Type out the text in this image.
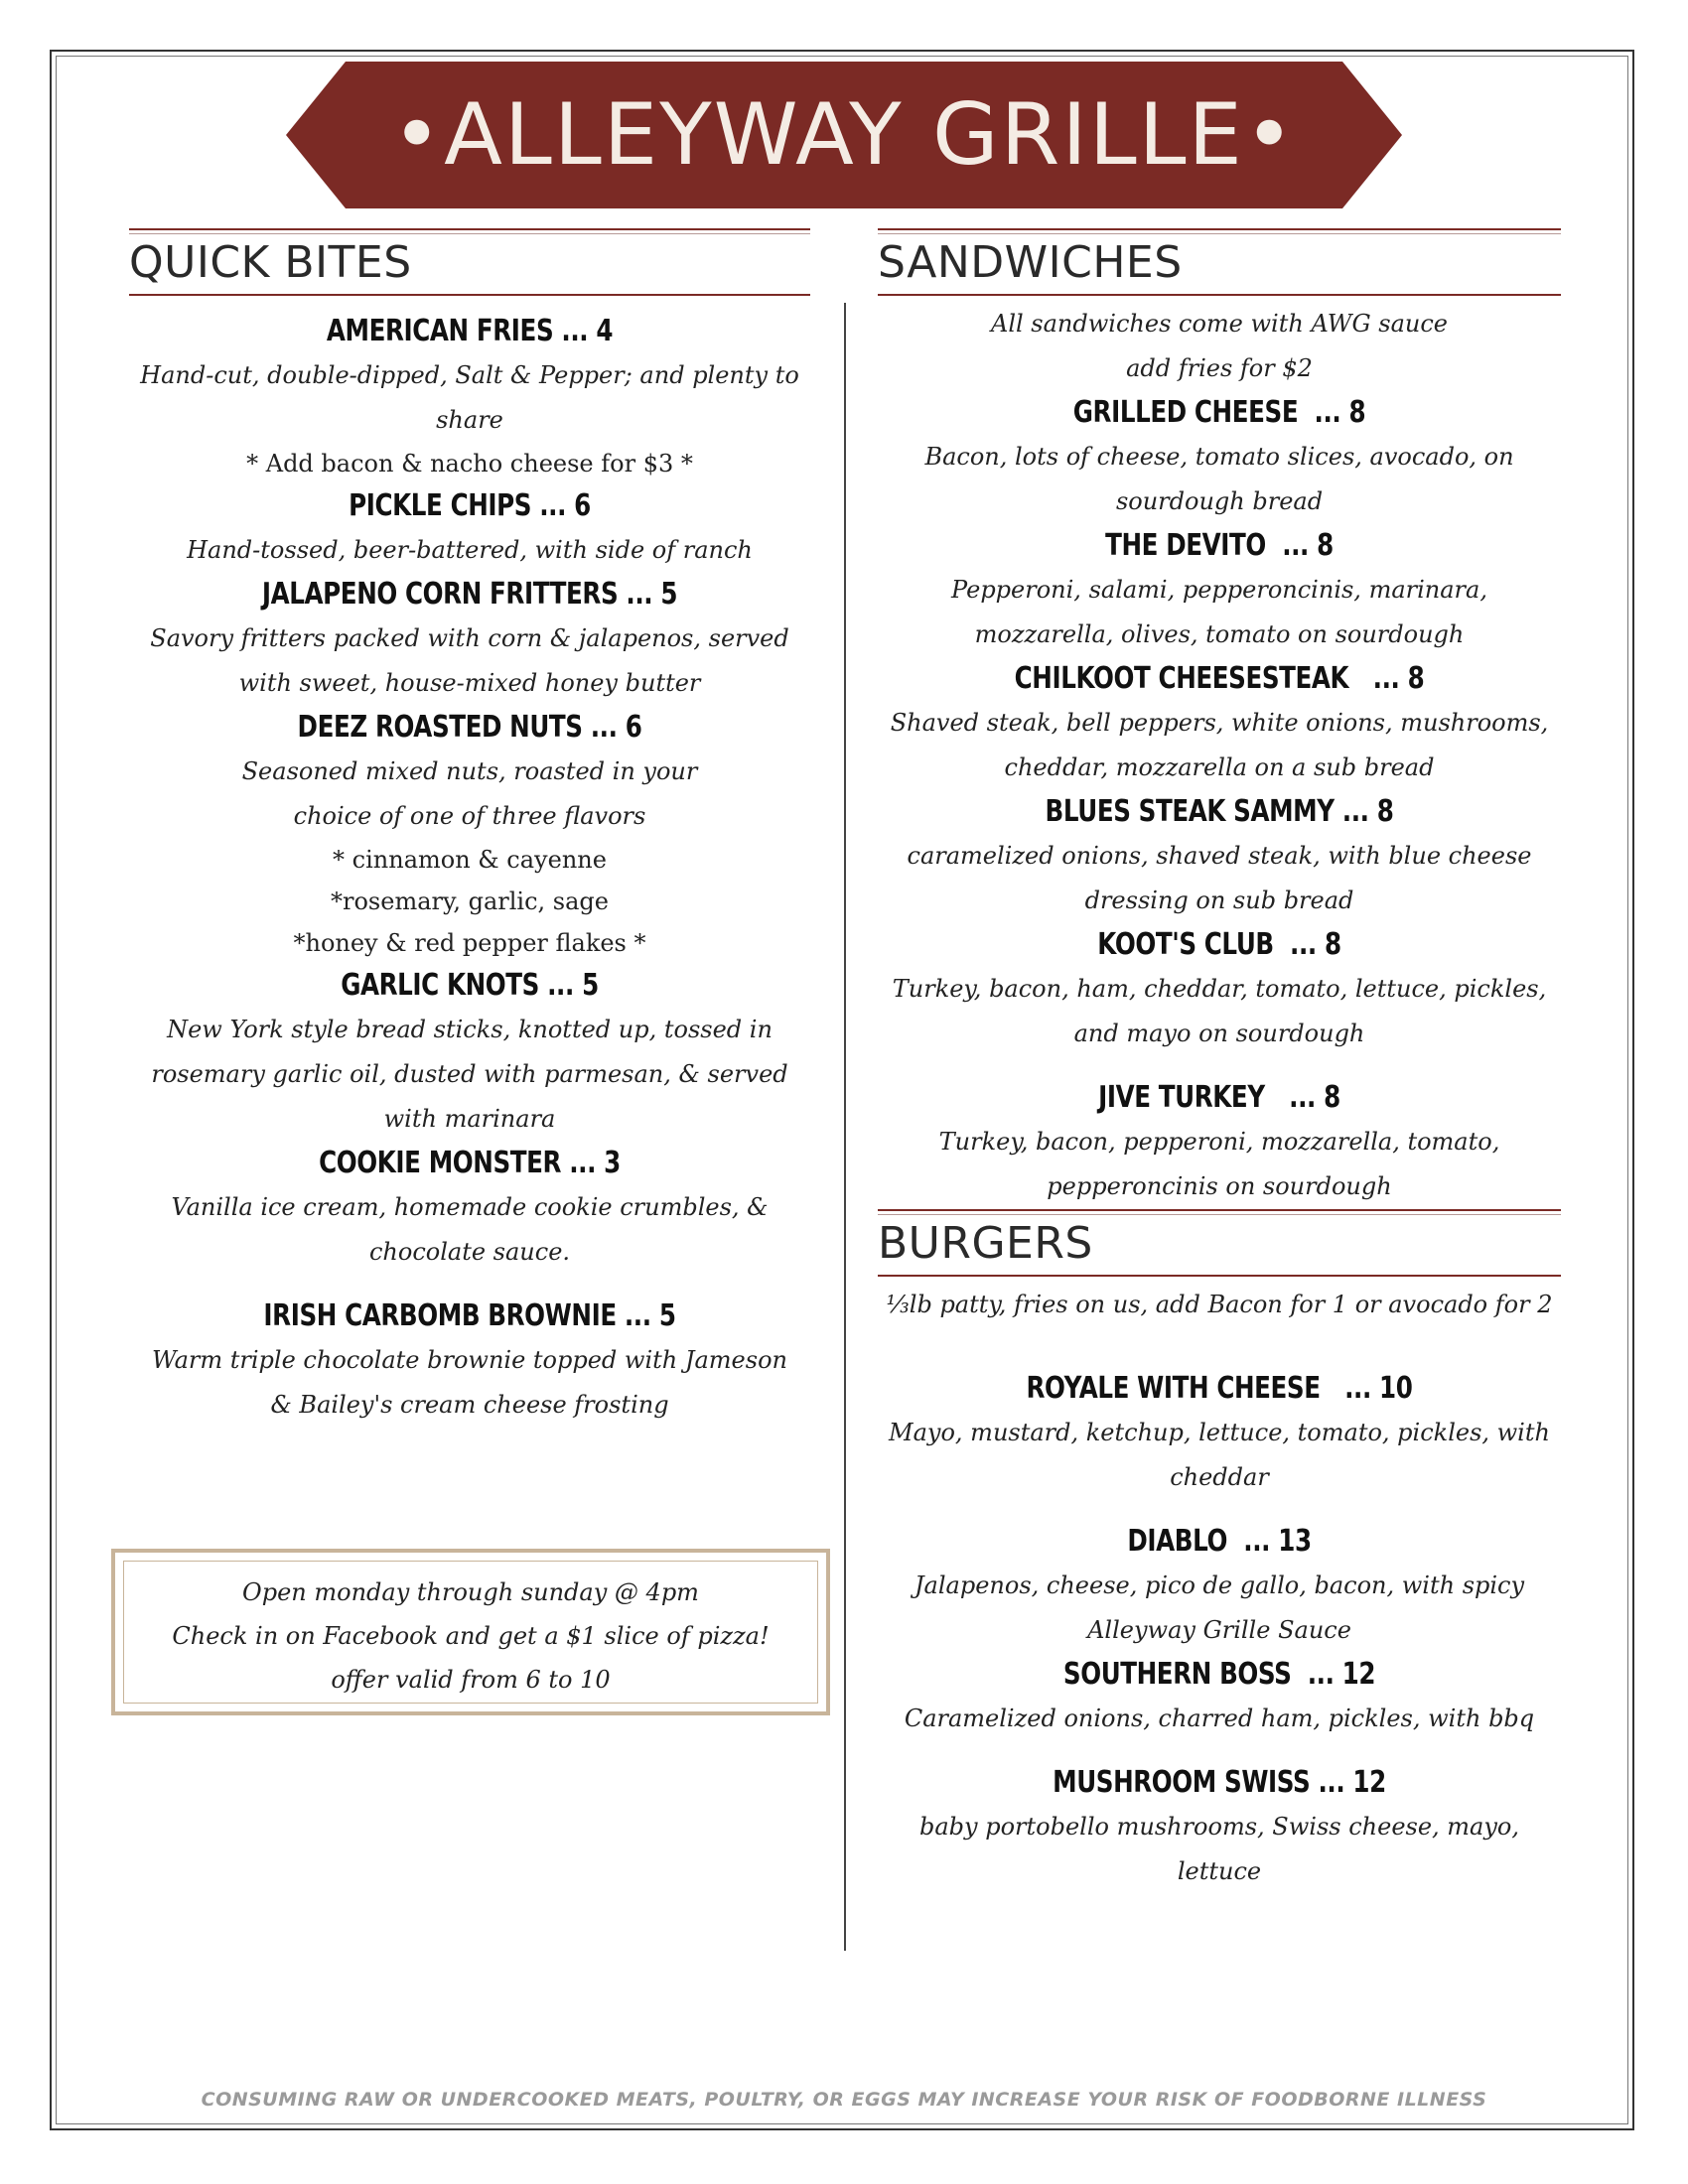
•ALLEYWAY GRILLE•
QUICK BITES
AMERICAN FRIES ... 4
Hand-cut, double-dipped, Salt & Pepper; and plenty to
share
* Add bacon & nacho cheese for $3 *
PICKLE CHIPS ... 6
Hand-tossed, beer-battered, with side of ranch
JALAPENO CORN FRITTERS ... 5
Savory fritters packed with corn & jalapenos, served
with sweet, house-mixed honey butter
DEEZ ROASTED NUTS ... 6
Seasoned mixed nuts, roasted in your
choice of one of three flavors
* cinnamon & cayenne
*rosemary, garlic, sage
*honey & red pepper flakes *
GARLIC KNOTS ... 5
New York style bread sticks, knotted up, tossed in
rosemary garlic oil, dusted with parmesan, & served
with marinara
COOKIE MONSTER ... 3
Vanilla ice cream, homemade cookie crumbles, &
chocolate sauce.
IRISH CARBOMB BROWNIE ... 5
Warm triple chocolate brownie topped with Jameson
& Bailey's cream cheese frosting
Open monday through sunday @ 4pm
Check in on Facebook and get a $1 slice of pizza!
offer valid from 6 to 10
SANDWICHES
All sandwiches come with AWG sauce
add fries for $2
GRILLED CHEESE  ... 8
Bacon, lots of cheese, tomato slices, avocado, on
sourdough bread
THE DEVITO  ... 8
Pepperoni, salami, pepperoncinis, marinara,
mozzarella, olives, tomato on sourdough
CHILKOOT CHEESESTEAK   ... 8
Shaved steak, bell peppers, white onions, mushrooms,
cheddar, mozzarella on a sub bread
BLUES STEAK SAMMY ... 8
caramelized onions, shaved steak, with blue cheese
dressing on sub bread
KOOT'S CLUB  ... 8
Turkey, bacon, ham, cheddar, tomato, lettuce, pickles,
and mayo on sourdough
JIVE TURKEY   ... 8
Turkey, bacon, pepperoni, mozzarella, tomato,
pepperoncinis on sourdough
BURGERS
⅓lb patty, fries on us, add Bacon for 1 or avocado for 2
ROYALE WITH CHEESE   ... 10
Mayo, mustard, ketchup, lettuce, tomato, pickles, with
cheddar
DIABLO  ... 13
Jalapenos, cheese, pico de gallo, bacon, with spicy
Alleyway Grille Sauce
SOUTHERN BOSS  ... 12
Caramelized onions, charred ham, pickles, with bbq
MUSHROOM SWISS ... 12
baby portobello mushrooms, Swiss cheese, mayo,
lettuce
CONSUMING RAW OR UNDERCOOKED MEATS, POULTRY, OR EGGS MAY INCREASE YOUR RISK OF FOODBORNE ILLNESS
